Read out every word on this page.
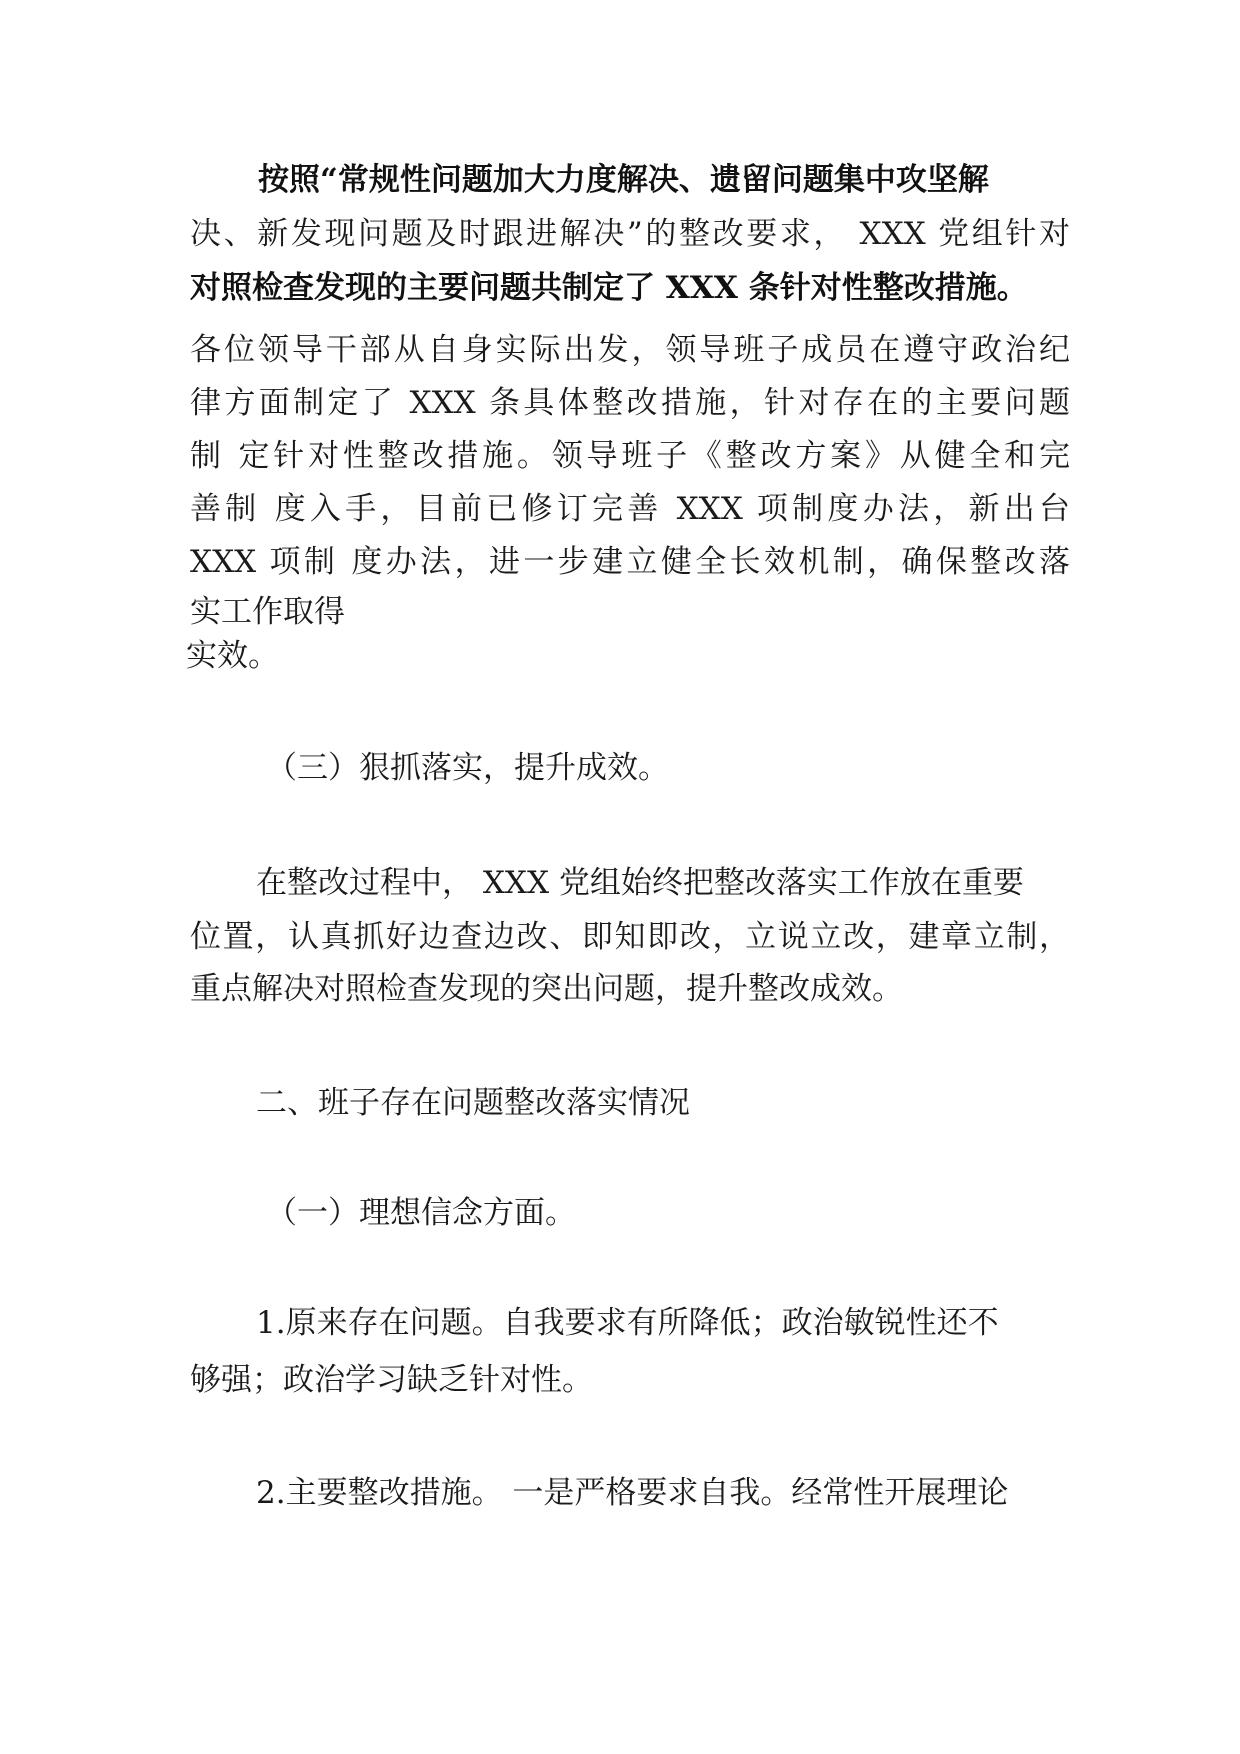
按照“常规性问题加大力度解决、遗留问题集中攻坚解

决、新发现问题及时跟进解决”的整改要求， XXX 党组针对

对照检查发现的主要问题共制定了 XXX 条针对性整改措施。

各位领导干部从自身实际出发，领导班子成员在遵守政治纪

律方面制定了 XXX 条具体整改措施，针对存在的主要问题

制 定针对性整改措施。领导班子《整改方案》从健全和完

善制 度入手，目前已修订完善 XXX 项制度办法，新出台

XXX 项制 度办法，进一步建立健全长效机制，确保整改落

实工作取得

实效。

（三）狠抓落实，提升成效。

在整改过程中， XXX 党组始终把整改落实工作放在重要

位置，认真抓好边查边改、即知即改，立说立改，建章立制，

重点解决对照检查发现的突出问题，提升整改成效。

二、班子存在问题整改落实情况

（一）理想信念方面。

1.原来存在问题。自我要求有所降低；政治敏锐性还不

够强；政治学习缺乏针对性。

2.主要整改措施。 一是严格要求自我。经常性开展理论
